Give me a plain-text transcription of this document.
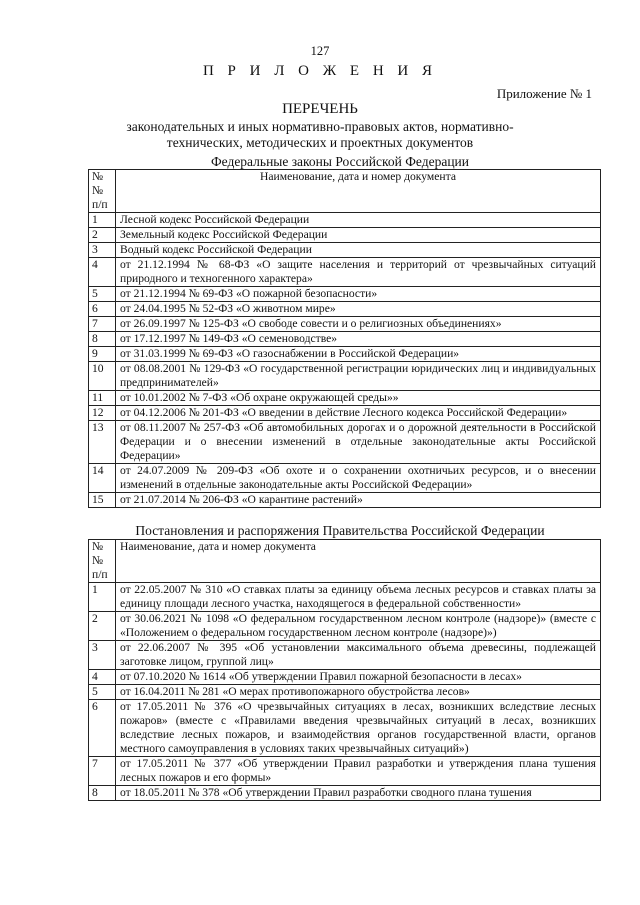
127
П Р И Л О Ж Е Н И Я
Приложение № 1
ПЕРЕЧЕНЬ
законодательных и иных нормативно-правовых актов, нормативно-технических, методических и проектных документов
Федеральные законы Российской Федерации
№№ п/п	Наименование, дата и номер документа
1	Лесной кодекс Российской Федерации
2	Земельный кодекс Российской Федерации
3	Водный кодекс Российской Федерации
4	от 21.12.1994 № 68-ФЗ «О защите населения и территорий от чрезвычайных ситуаций природного и техногенного характера»
5	от 21.12.1994 № 69-ФЗ «О пожарной безопасности»
6	от 24.04.1995 № 52-ФЗ «О животном мире»
7	от 26.09.1997 № 125-ФЗ «О свободе совести и о религиозных объединениях»
8	от 17.12.1997 № 149-ФЗ «О семеноводстве»
9	от 31.03.1999 № 69-ФЗ «О газоснабжении в Российской Федерации»
10	от 08.08.2001 № 129-ФЗ «О государственной регистрации юридических лиц и индивидуальных предпринимателей»
11	от 10.01.2002 № 7-ФЗ «Об охране окружающей среды»»
12	от 04.12.2006 № 201-ФЗ «О введении в действие Лесного кодекса Российской Федерации»
13	от 08.11.2007 № 257-ФЗ «Об автомобильных дорогах и о дорожной деятельности в Российской Федерации и о внесении изменений в отдельные законодательные акты Российской Федерации»
14	от 24.07.2009 № 209-ФЗ «Об охоте и о сохранении охотничьих ресурсов, и о внесении изменений в отдельные законодательные акты Российской Федерации»
15	от 21.07.2014 № 206-ФЗ «О карантине растений»
Постановления и распоряжения Правительства Российской Федерации
№№ п/п	Наименование, дата и номер документа
1	от 22.05.2007 № 310 «О ставках платы за единицу объема лесных ресурсов и ставках платы за единицу площади лесного участка, находящегося в федеральной собственности»
2	от 30.06.2021 № 1098 «О федеральном государственном лесном контроле (надзоре)» (вместе с «Положением о федеральном государственном лесном контроле (надзоре)»)
3	от 22.06.2007 № 395 «Об установлении максимального объема древесины, подлежащей заготовке лицом, группой лиц»
4	от 07.10.2020 № 1614 «Об утверждении Правил пожарной безопасности в лесах»
5	от 16.04.2011 № 281 «О мерах противопожарного обустройства лесов»
6	от 17.05.2011 № 376 «О чрезвычайных ситуациях в лесах, возникших вследствие лесных пожаров» (вместе с «Правилами введения чрезвычайных ситуаций в лесах, возникших вследствие лесных пожаров, и взаимодействия органов государственной власти, органов местного самоуправления в условиях таких чрезвычайных ситуаций»)
7	от 17.05.2011 № 377 «Об утверждении Правил разработки и утверждения плана тушения лесных пожаров и его формы»
8	от 18.05.2011 № 378 «Об утверждении Правил разработки сводного плана тушения
